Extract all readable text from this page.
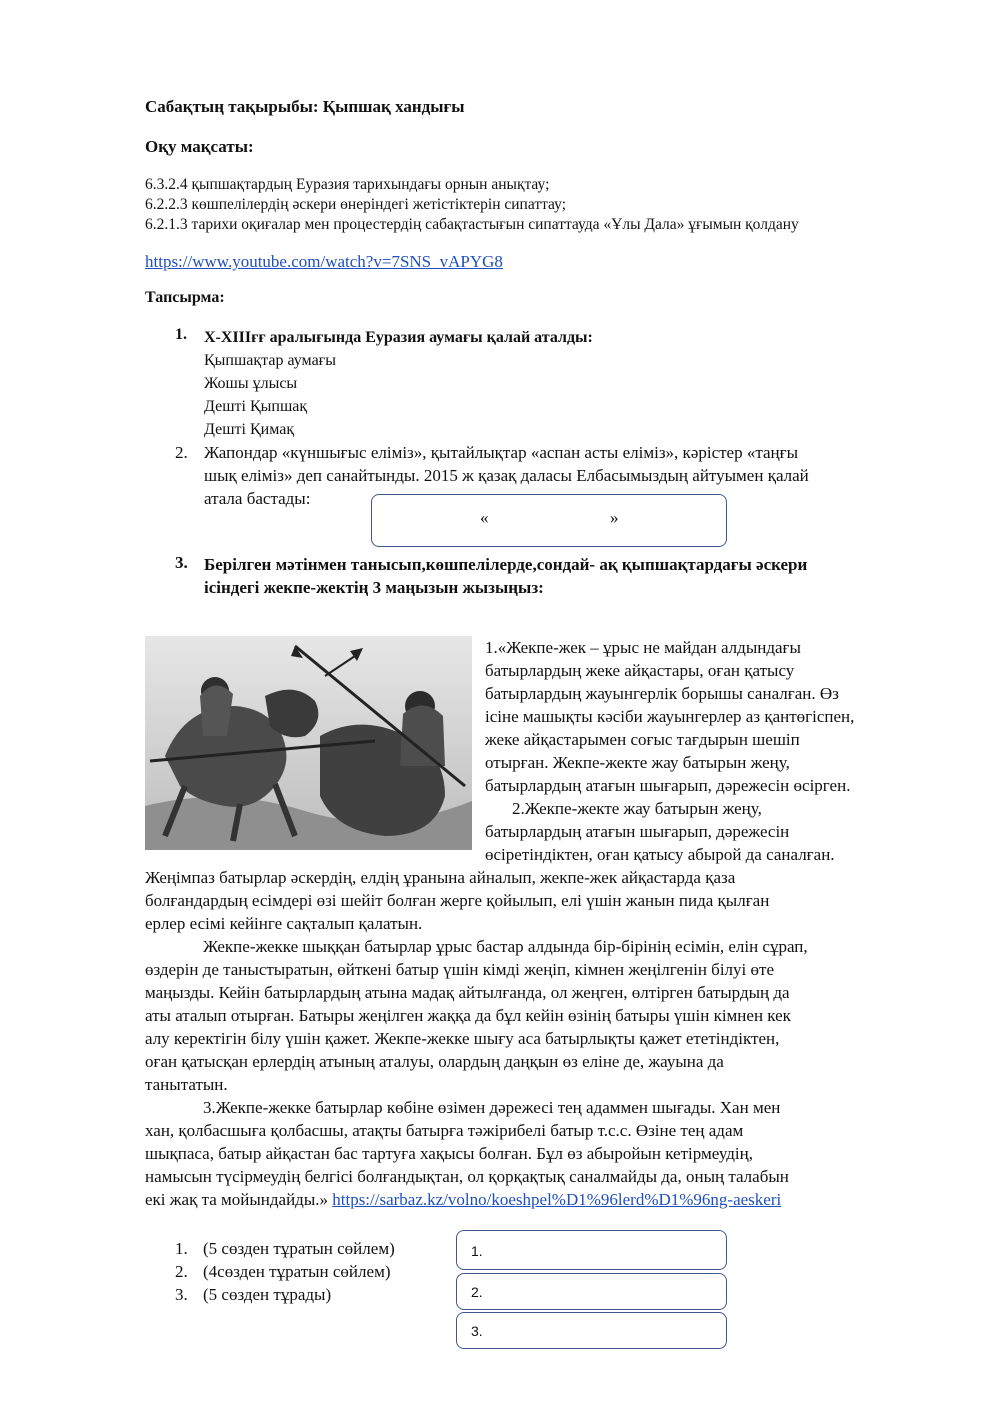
Сабақтың тақырыбы: Қыпшақ хандығы
Оқу мақсаты:
6.3.2.4 қыпшақтардың Еуразия тарихындағы орнын анықтау;
6.2.2.3 көшпелілердің әскери өнеріндегі жетістіктерін сипаттау;
6.2.1.3 тарихи оқиғалар мен процестердің сабақтастығын сипаттауда «Ұлы Дала» ұғымын қолдану
https://www.youtube.com/watch?v=7SNS_vAPYG8
Тапсырма:
1. X-XIIIғғ аралығында Еуразия аумағы қалай аталды:
Қыпшақтар аумағы
Жошы ұлысы
Дешті Қыпшақ
Дешті Қимақ
2. Жапондар «күншығыс еліміз», қытайлықтар «аспан асты еліміз», кәрістер «таңғы
шық еліміз» деп санайтынды. 2015 ж қазақ даласы Елбасымыздың айтуымен қалай
атала бастады:
«	»
3. Берілген мәтінмен танысып,көшпелілерде,сондай- ақ қыпшақтардағы әскери
ісіндегі жекпе-жектің 3 маңызын жызыңыз:
1.«Жекпе-жек – ұрыс не майдан алдындағы
батырлардың жеке айқастары, оған қатысу
батырлардың жауынгерлік борышы саналған. Өз
ісіне машықты кәсіби жауынгерлер аз қантөгіспен,
жеке айқастарымен соғыс тағдырын шешіп
отырған. Жекпе-жекте жау батырын жеңу,
батырлардың атағын шығарып, дәрежесін өсірген.
2.Жекпе-жекте жау батырын жеңу,
батырлардың атағын шығарып, дәрежесін
өсіретіндіктен, оған қатысу абырой да саналған.
Жеңімпаз батырлар әскердің, елдің ұранына айналып, жекпе-жек айқастарда қаза
болғандардың есімдері өзі шейіт болған жерге қойылып, елі үшін жанын пида қылған
ерлер есімі кейінге сақталып қалатын.
Жекпе-жекке шыққан батырлар ұрыс бастар алдында бір-бірінің есімін, елін сұрап,
өздерін де таныстыратын, өйткені батыр үшін кімді жеңіп, кімнен жеңілгенін білуі өте
маңызды. Кейін батырлардың атына мадақ айтылғанда, ол жеңген, өлтірген батырдың да
аты аталып отырған. Батыры жеңілген жаққа да бұл кейін өзінің батыры үшін кімнен кек
алу керектігін білу үшін қажет. Жекпе-жекке шығу аса батырлықты қажет ететіндіктен,
оған қатысқан ерлердің атының аталуы, олардың даңқын өз еліне де, жауына да
танытатын.
3.Жекпе-жекке батырлар көбіне өзімен дәрежесі тең адаммен шығады. Хан мен
хан, қолбасшыға қолбасшы, атақты батырға тәжірибелі батыр т.с.с. Өзіне тең адам
шықпаса, батыр айқастан бас тартуға хақысы болған. Бұл өз абыройын кетірмеудің,
намысын түсірмеудің белгісі болғандықтан, ол қорқақтық саналмайды да, оның талабын
екі жақ та мойындайды.» https://sarbaz.kz/volno/koeshpel%D1%96lerd%D1%96ng-aeskeri
1. (5 сөзден тұратын сөйлем)
2. (4сөзден тұратын сөйлем)
3. (5 сөзден тұрады)
1.
2.
3.
